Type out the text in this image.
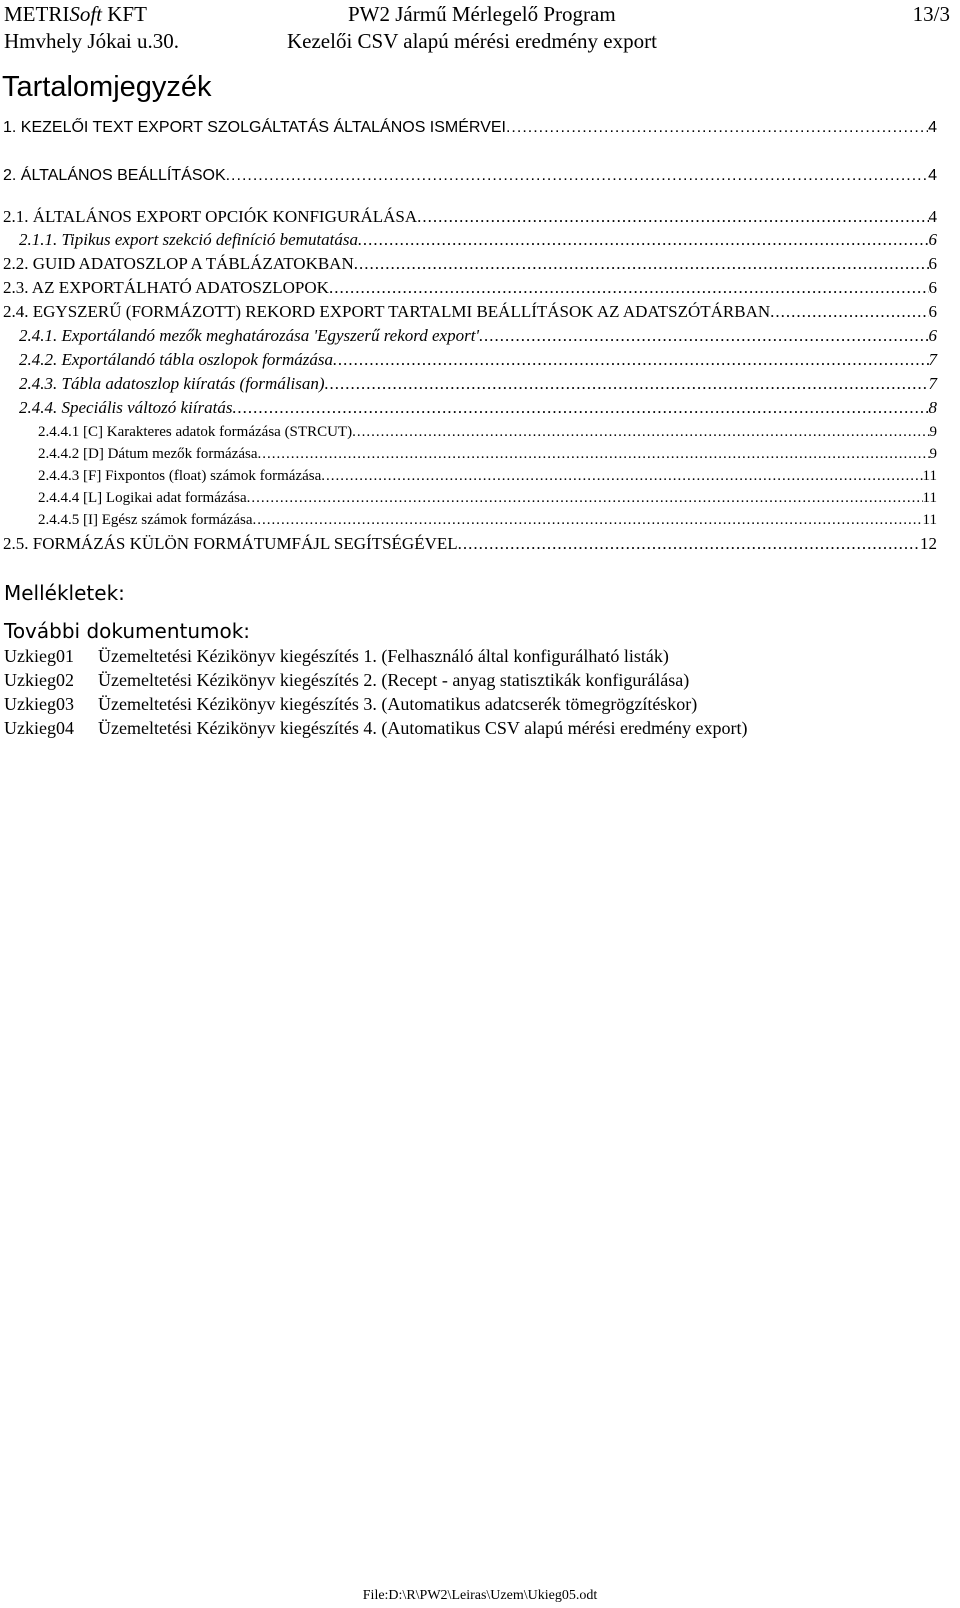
METRISoft KFT
Hmvhely Jókai u.30.
PW2 Jármű Mérlegelő Program
Kezelői CSV alapú mérési eredmény export
13/3
Tartalomjegyzék
1. KEZELŐI TEXT EXPORT SZOLGÁLTATÁS ÁLTALÁNOS ISMÉRVEI .....	4
2. ÁLTALÁNOS BEÁLLÍTÁSOK .....	4
2.1. ÁLTALÁNOS EXPORT OPCIÓK KONFIGURÁLÁSA .....	4
2.1.1. Tipikus export szekció definíció bemutatása .....	6
2.2. GUID ADATOSZLOP A TÁBLÁZATOKBAN .....	6
2.3. AZ EXPORTÁLHATÓ ADATOSZLOPOK .....	6
2.4. EGYSZERŰ (FORMÁZOTT) REKORD EXPORT TARTALMI BEÁLLÍTÁSOK AZ ADATSZÓTÁRBAN .....	6
2.4.1. Exportálandó mezők meghatározása 'Egyszerű rekord export' .....	6
2.4.2. Exportálandó tábla oszlopok formázása .....	7
2.4.3. Tábla adatoszlop kiíratás (formálisan) .....	7
2.4.4. Speciális változó kiíratás .....	8
2.4.4.1 [C] Karakteres adatok formázása (STRCUT) .....	9
2.4.4.2 [D] Dátum mezők formázása .....	9
2.4.4.3 [F] Fixpontos (float) számok formázása .....	11
2.4.4.4 [L] Logikai adat formázása .....	11
2.4.4.5 [I] Egész számok formázása .....	11
2.5. FORMÁZÁS KÜLÖN FORMÁTUMFÁJL SEGÍTSÉGÉVEL .....	12
Mellékletek:
További dokumentumok:
Uzkieg01 Üzemeltetési Kézikönyv kiegészítés 1. (Felhasználó által konfigurálható listák)
Uzkieg02 Üzemeltetési Kézikönyv kiegészítés 2. (Recept - anyag statisztikák konfigurálása)
Uzkieg03 Üzemeltetési Kézikönyv kiegészítés 3. (Automatikus adatcserék tömegrögzítéskor)
Uzkieg04 Üzemeltetési Kézikönyv kiegészítés 4. (Automatikus CSV alapú mérési eredmény export)
File:D:\R\PW2\Leiras\Uzem\Ukieg05.odt
